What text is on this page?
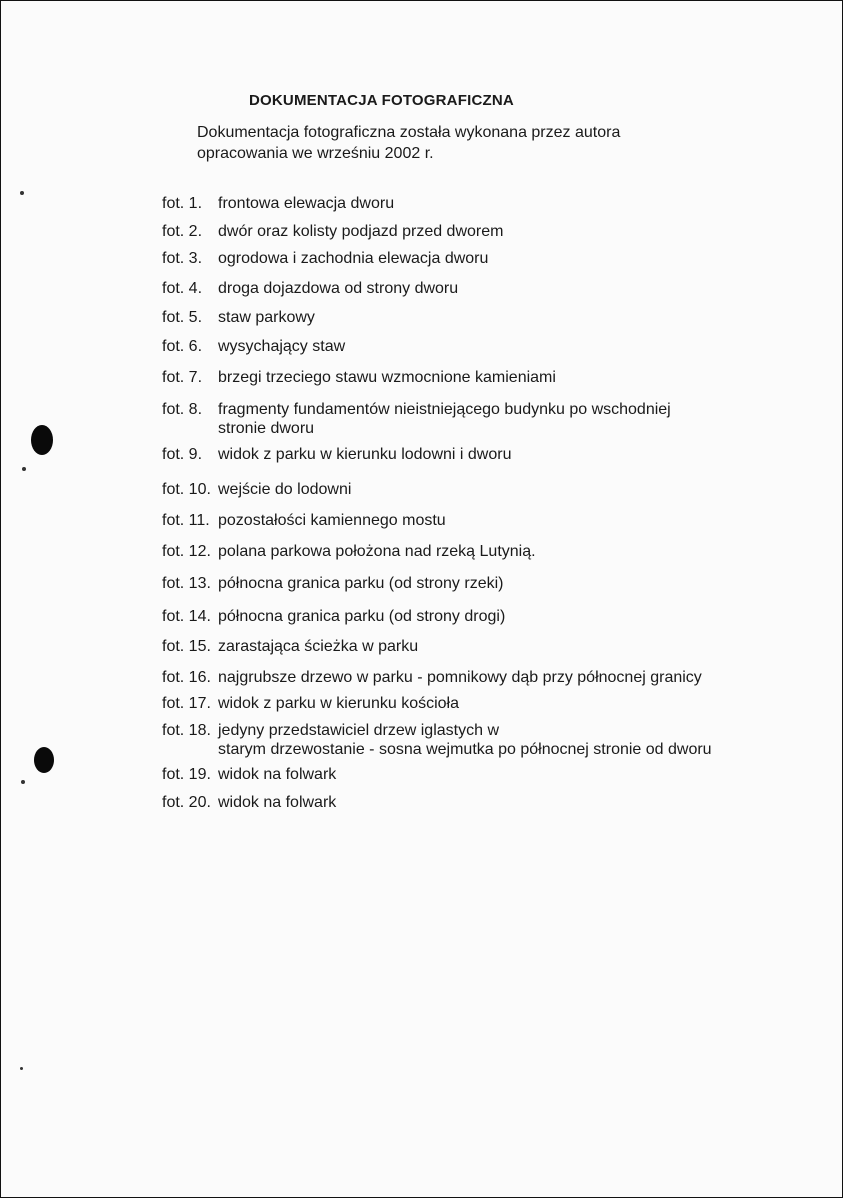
DOKUMENTACJA FOTOGRAFICZNA
Dokumentacja fotograficzna została wykonana przez autora
opracowania we wrześniu 2002 r.
fot. 1. frontowa elewacja dworu
fot. 2. dwór oraz kolisty podjazd przed dworem
fot. 3. ogrodowa i zachodnia elewacja dworu
fot. 4. droga dojazdowa od strony dworu
fot. 5. staw parkowy
fot. 6. wysychający staw
fot. 7. brzegi trzeciego stawu wzmocnione kamieniami
fot. 8. fragmenty fundamentów nieistniejącego budynku po wschodniej
stronie dworu
fot. 9. widok z parku w kierunku lodowni i dworu
fot. 10. wejście do lodowni
fot. 11. pozostałości kamiennego mostu
fot. 12. polana parkowa położona nad rzeką Lutynią.
fot. 13. północna granica parku (od strony rzeki)
fot. 14. północna granica parku (od strony drogi)
fot. 15. zarastająca ścieżka w parku
fot. 16. najgrubsze drzewo w parku - pomnikowy dąb przy północnej granicy
fot. 17. widok z parku w kierunku kościoła
fot. 18. jedyny przedstawiciel drzew iglastych w
starym drzewostanie - sosna wejmutka po północnej stronie od dworu
fot. 19. widok na folwark
fot. 20. widok na folwark
